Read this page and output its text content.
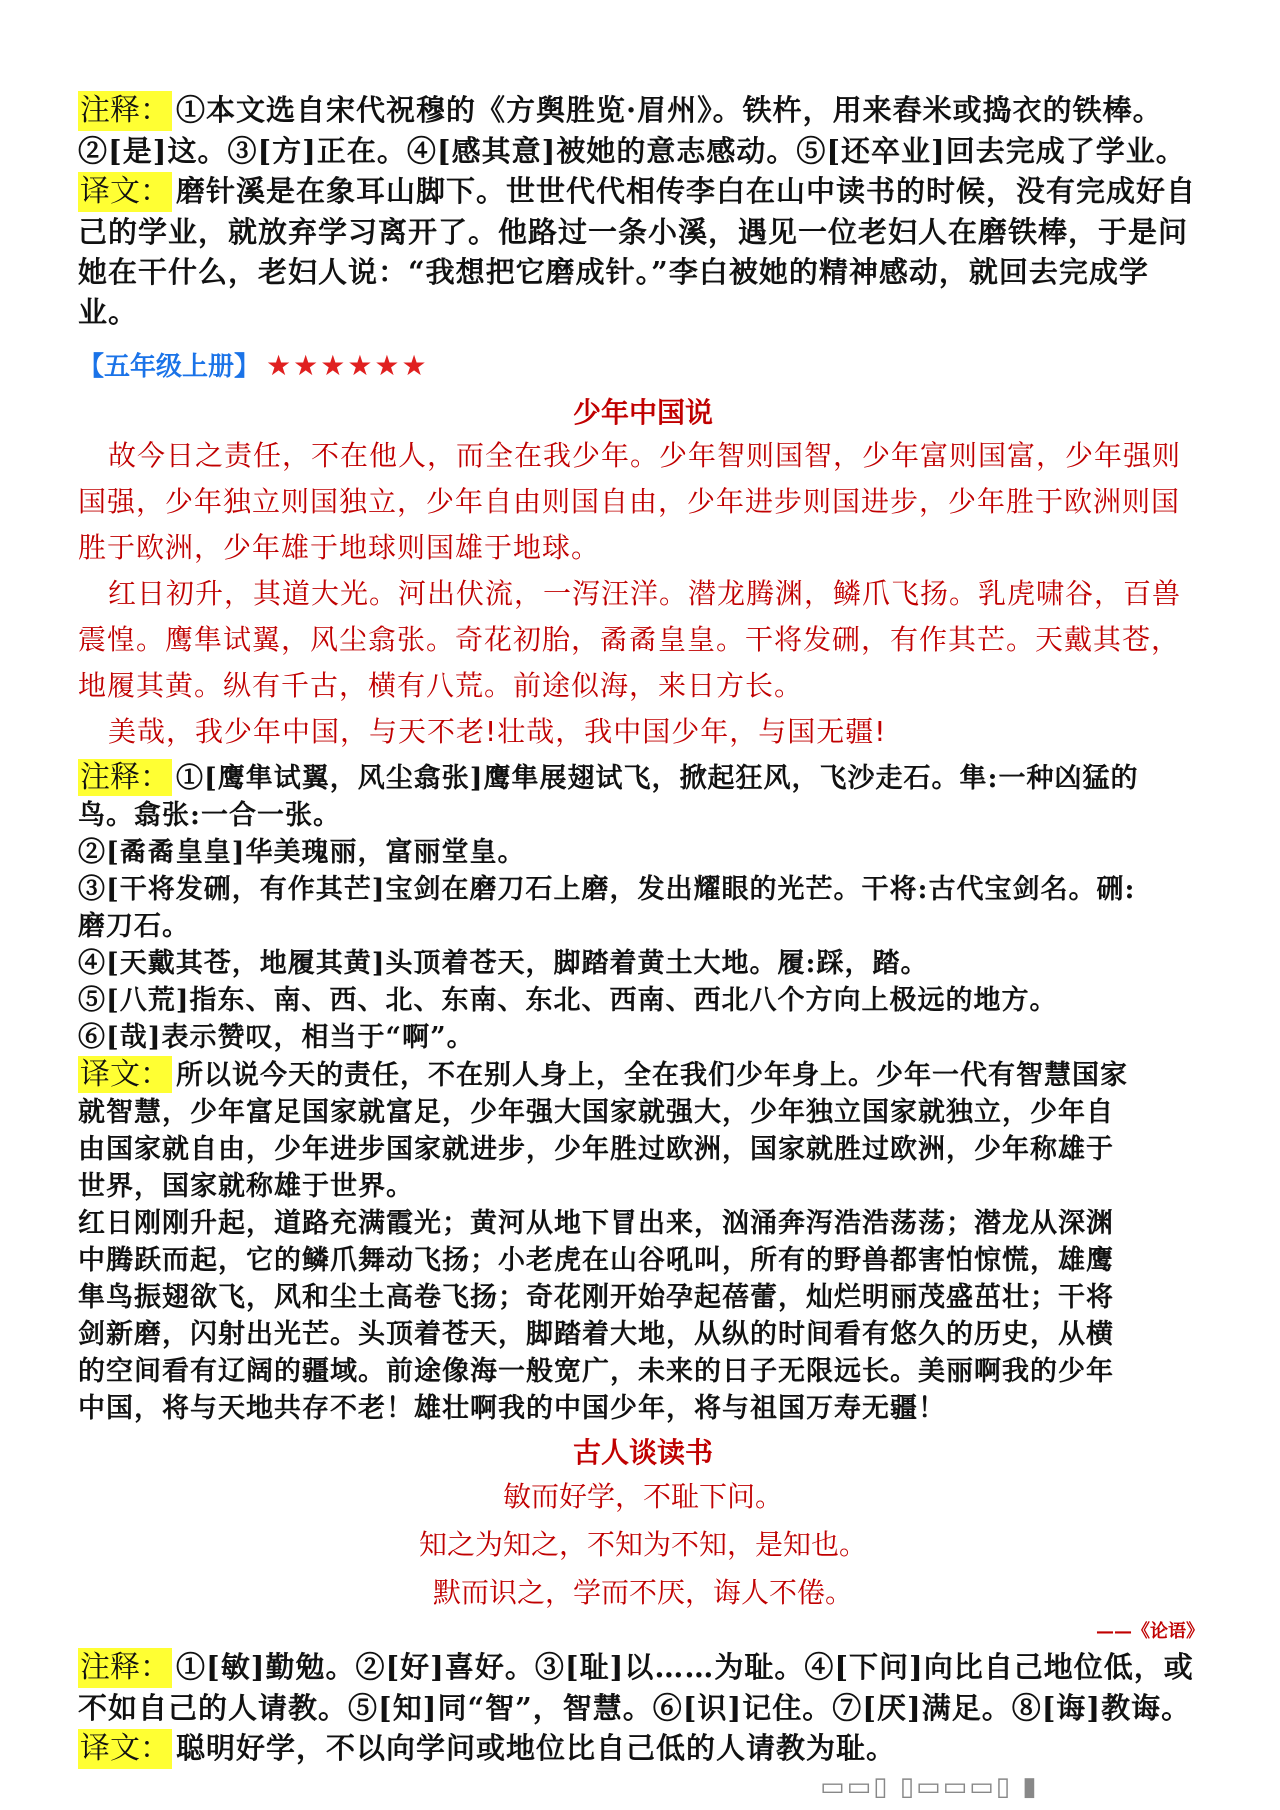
注释： ①本文选自宋代祝穆的《方舆胜览·眉州》。铁杵，用来舂米或捣衣的铁棒。

②[是]这。③[方]正在。④[感其意]被她的意志感动。⑤[还卒业]回去完成了学业。

译文： 磨针溪是在象耳山脚下。世世代代相传李白在山中读书的时候，没有完成好自

己的学业，就放弃学习离开了。他路过一条小溪，遇见一位老妇人在磨铁棒，于是问

她在干什么，老妇人说：“我想把它磨成针。”李白被她的精神感动，就回去完成学

业。

【五年级上册】 ★★★★★★
少年中国说

故今日之责任，不在他人，而全在我少年。少年智则国智，少年富则国富，少年强则国强，少年独立则国独立，少年自由则国自由，少年进步则国进步，少年胜于欧洲则国胜于欧洲，少年雄于地球则国雄于地球。

红日初升，其道大光。河出伏流，一泻汪洋。潜龙腾渊，鳞爪飞扬。乳虎啸谷，百兽震惶。鹰隼试翼，风尘翕张。奇花初胎，矞矞皇皇。干将发硎，有作其芒。天戴其苍，地履其黄。纵有千古，横有八荒。前途似海，来日方长。

美哉，我少年中国，与天不老!壮哉，我中国少年，与国无疆!

注释： ①[鹰隼试翼，风尘翕张]鹰隼展翅试飞，掀起狂风，飞沙走石。隼:一种凶猛的

鸟。翕张:一合一张。

②[矞矞皇皇]华美瑰丽，富丽堂皇。

③[干将发硎，有作其芒]宝剑在磨刀石上磨，发出耀眼的光芒。干将:古代宝剑名。硎:

磨刀石。

④[天戴其苍，地履其黄]头顶着苍天，脚踏着黄土大地。履:踩，踏。

⑤[八荒]指东、南、西、北、东南、东北、西南、西北八个方向上极远的地方。

⑥[哉]表示赞叹，相当于“啊”。

译文： 所以说今天的责任，不在别人身上，全在我们少年身上。少年一代有智慧国家

就智慧，少年富足国家就富足，少年强大国家就强大，少年独立国家就独立，少年自

由国家就自由，少年进步国家就进步，少年胜过欧洲，国家就胜过欧洲，少年称雄于

世界，国家就称雄于世界。

红日刚刚升起，道路充满霞光；黄河从地下冒出来，汹涌奔泻浩浩荡荡；潜龙从深渊

中腾跃而起，它的鳞爪舞动飞扬；小老虎在山谷吼叫，所有的野兽都害怕惊慌，雄鹰

隼鸟振翅欲飞，风和尘土高卷飞扬；奇花刚开始孕起蓓蕾，灿烂明丽茂盛茁壮；干将

剑新磨，闪射出光芒。头顶着苍天，脚踏着大地，从纵的时间看有悠久的历史，从横

的空间看有辽阔的疆域。前途像海一般宽广，未来的日子无限远长。美丽啊我的少年

中国，将与天地共存不老！雄壮啊我的中国少年，将与祖国万寿无疆！

古人谈读书

敏而好学，不耻下问。

知之为知之，不知为不知，是知也。

默而识之，学而不厌，诲人不倦。

——《论语》

注释： ①[敏]勤勉。②[好]喜好。③[耻]以……为耻。④[下问]向比自己地位低，或

不如自己的人请教。⑤[知]同“智”，智慧。⑥[识]记住。⑦[厌]满足。⑧[诲]教诲。

译文： 聪明好学，不以向学问或地位比自己低的人请教为耻。

▭▭▯ ▯▭▭▭▯ ▮
